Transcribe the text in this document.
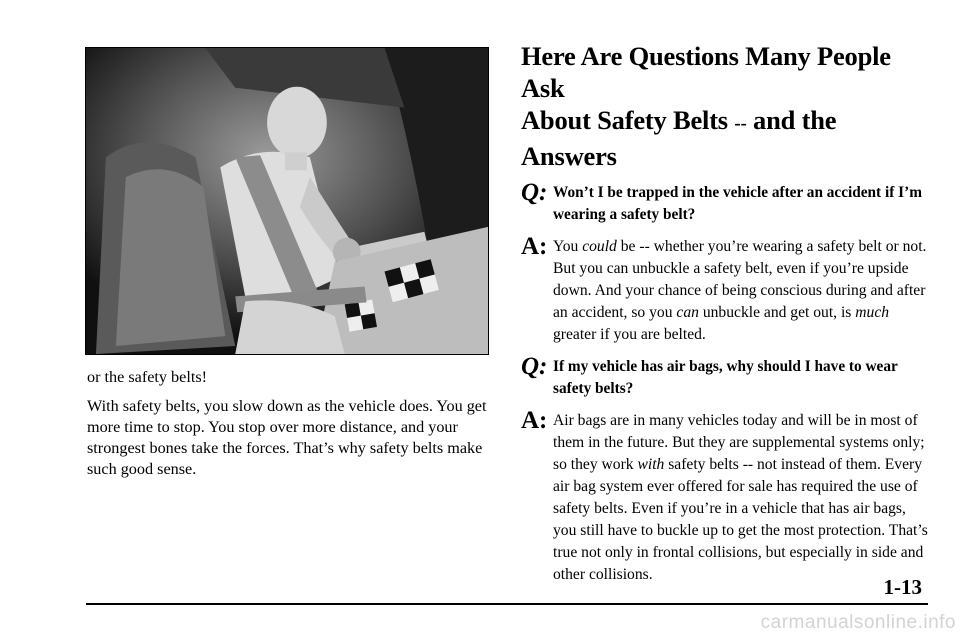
or the safety belts!

With safety belts, you slow down as the vehicle does. You get more time to stop. You stop over more distance, and your strongest bones take the forces. That’s why safety belts make such good sense.

Here Are Questions Many People Ask
About Safety Belts -- and the Answers
Q: Won’t I be trapped in the vehicle after an accident if I’m wearing a safety belt?
A: You could be -- whether you’re wearing a safety belt or not. But you can unbuckle a safety belt, even if you’re upside down. And your chance of being conscious during and after an accident, so you can unbuckle and get out, is much greater if you are belted.
Q: If my vehicle has air bags, why should I have to wear safety belts?
A: Air bags are in many vehicles today and will be in most of them in the future. But they are supplemental systems only; so they work with safety belts -- not instead of them. Every air bag system ever offered for sale has required the use of safety belts. Even if you’re in a vehicle that has air bags, you still have to buckle up to get the most protection. That’s true not only in frontal collisions, but especially in side and other collisions.
1-13
carmanualsonline.info
